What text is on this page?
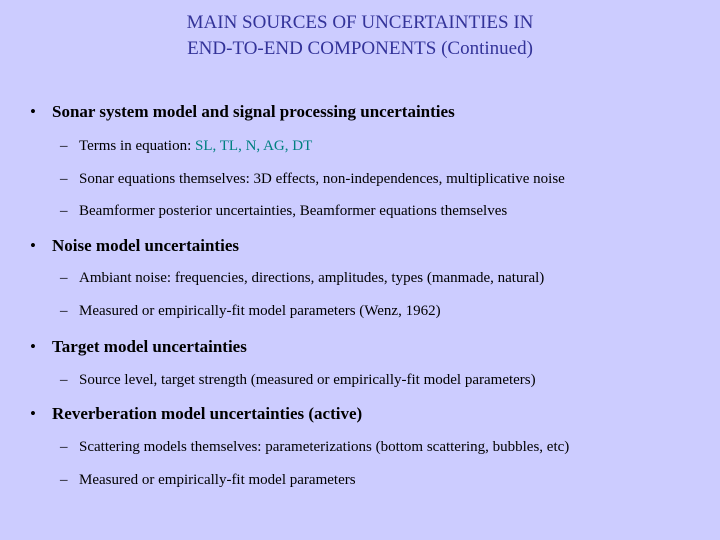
MAIN SOURCES OF UNCERTAINTIES IN
END-TO-END COMPONENTS (Continued)
• Sonar system model and signal processing uncertainties
– Terms in equation: SL, TL, N, AG, DT
– Sonar equations themselves: 3D effects, non-independences, multiplicative noise
– Beamformer posterior uncertainties, Beamformer equations themselves
• Noise model uncertainties
– Ambiant noise: frequencies, directions, amplitudes, types (manmade, natural)
– Measured or empirically-fit model parameters (Wenz, 1962)
• Target model uncertainties
– Source level, target strength (measured or empirically-fit model parameters)
• Reverberation model uncertainties (active)
– Scattering models themselves: parameterizations (bottom scattering, bubbles, etc)
– Measured or empirically-fit model parameters
